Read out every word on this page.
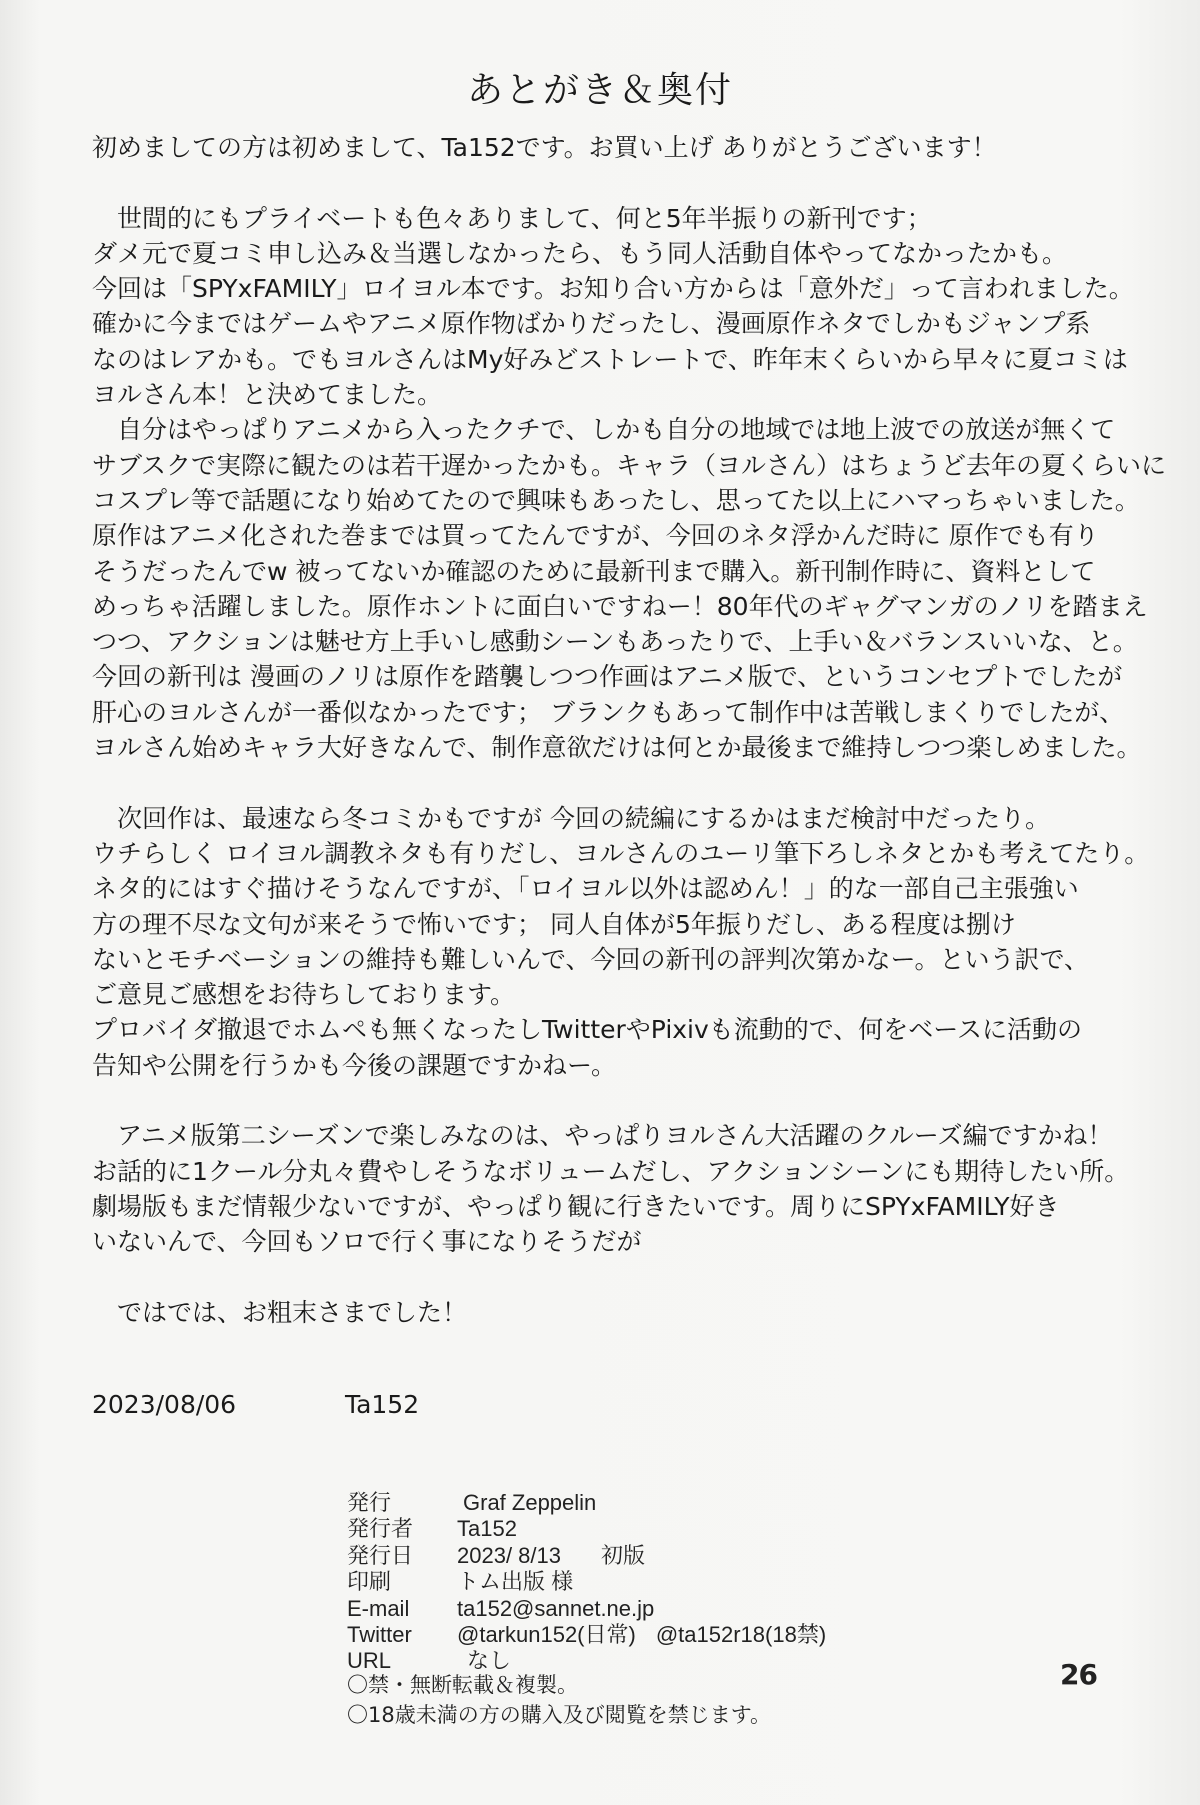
あとがき＆奥付
初めましての方は初めまして、Ta152です。お買い上げ ありがとうございます！
　世間的にもプライベートも色々ありまして、何と5年半振りの新刊です；
ダメ元で夏コミ申し込み＆当選しなかったら、もう同人活動自体やってなかったかも。
今回は「SPYxFAMILY」ロイヨル本です。お知り合い方からは「意外だ」って言われました。
確かに今まではゲームやアニメ原作物ばかりだったし、漫画原作ネタでしかもジャンプ系
なのはレアかも。でもヨルさんはMy好みどストレートで、昨年末くらいから早々に夏コミは
ヨルさん本！と決めてました。
　自分はやっぱりアニメから入ったクチで、しかも自分の地域では地上波での放送が無くて
サブスクで実際に観たのは若干遅かったかも。キャラ（ヨルさん）はちょうど去年の夏くらいに
コスプレ等で話題になり始めてたので興味もあったし、思ってた以上にハマっちゃいました。
原作はアニメ化された巻までは買ってたんですが、今回のネタ浮かんだ時に 原作でも有り
そうだったんでw 被ってないか確認のために最新刊まで購入。新刊制作時に、資料として
めっちゃ活躍しました。原作ホントに面白いですねー！80年代のギャグマンガのノリを踏まえ
つつ、アクションは魅せ方上手いし感動シーンもあったりで、上手い＆バランスいいな、と。
今回の新刊は 漫画のノリは原作を踏襲しつつ作画はアニメ版で、というコンセプトでしたが
肝心のヨルさんが一番似なかったです； ブランクもあって制作中は苦戦しまくりでしたが、
ヨルさん始めキャラ大好きなんで、制作意欲だけは何とか最後まで維持しつつ楽しめました。
　次回作は、最速なら冬コミかもですが 今回の続編にするかはまだ検討中だったり。
ウチらしく ロイヨル調教ネタも有りだし、ヨルさんのユーリ筆下ろしネタとかも考えてたり。
ネタ的にはすぐ描けそうなんですが、「ロイヨル以外は認めん！」的な一部自己主張強い
方の理不尽な文句が来そうで怖いです； 同人自体が5年振りだし、ある程度は捌け
ないとモチベーションの維持も難しいんで、今回の新刊の評判次第かなー。という訳で、
ご意見ご感想をお待ちしております。
プロバイダ撤退でホムペも無くなったしTwitterやPixivも流動的で、何をベースに活動の
告知や公開を行うかも今後の課題ですかねー。
　アニメ版第二シーズンで楽しみなのは、やっぱりヨルさん大活躍のクルーズ編ですかね！
お話的に1クール分丸々費やしそうなボリュームだし、アクションシーンにも期待したい所。
劇場版もまだ情報少ないですが、やっぱり観に行きたいです。周りにSPYxFAMILY好き
いないんで、今回もソロで行く事になりそうだが
　ではでは、お粗末さまでした！
2023/08/06	Ta152
発行	Graf Zeppelin
発行者 Ta152
発行日 2023/ 8/13 初版
印刷	トム出版 様
E-mail ta152@sannet.ne.jp
Twitter @tarkun152(日常) @ta152r18(18禁)
URL	なし	26
〇禁・無断転載＆複製。
〇18歳未満の方の購入及び閲覧を禁じます。
